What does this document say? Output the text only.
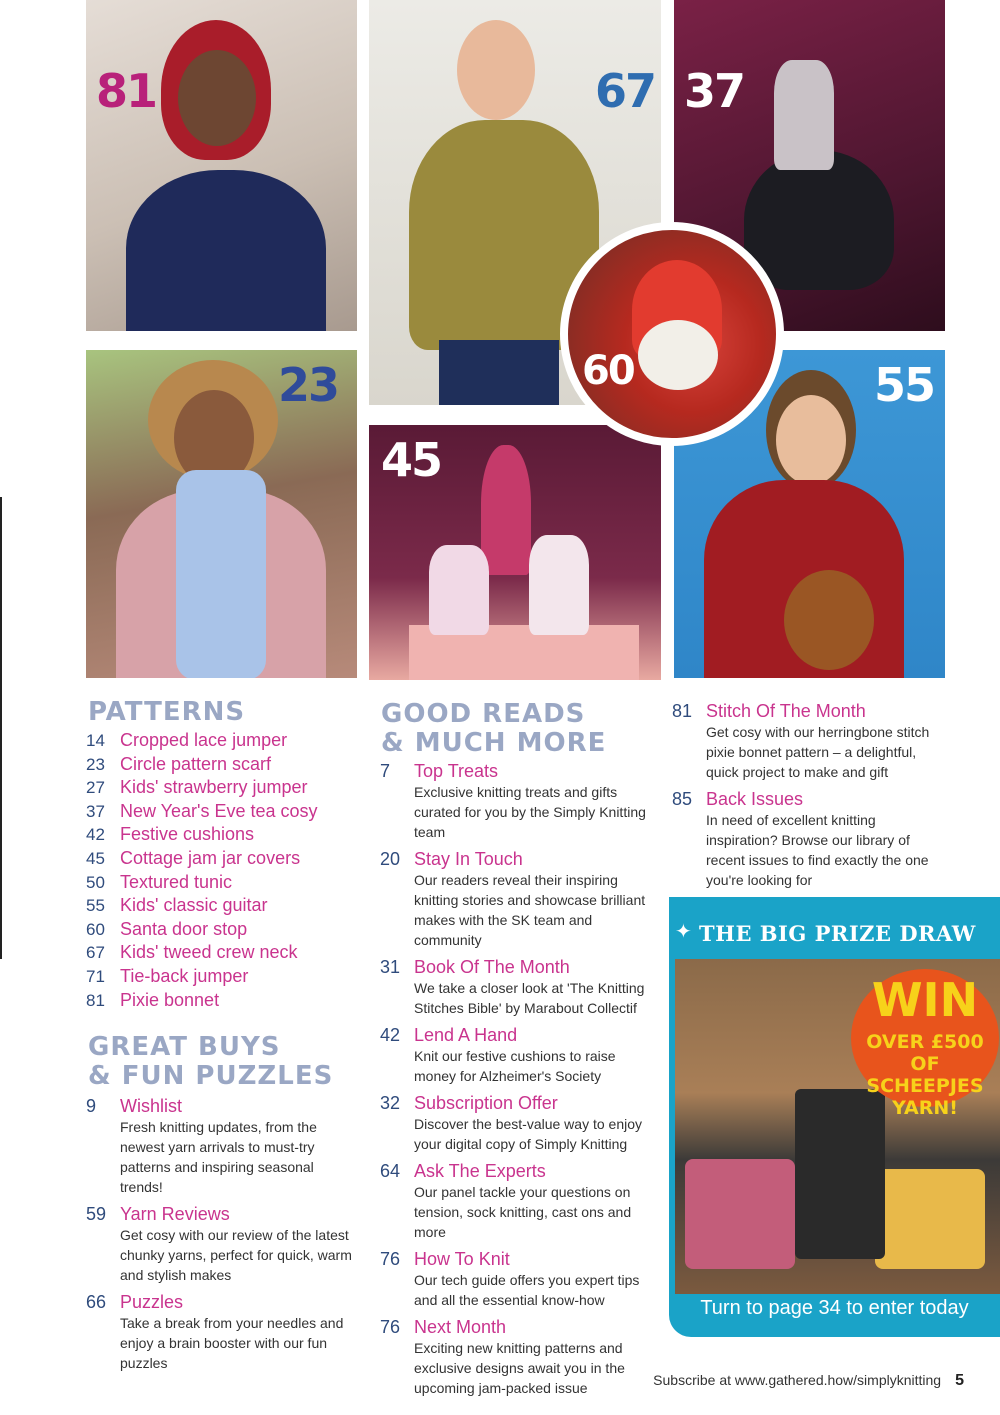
81	67 37
23
45
55
60
PATTERNS
14 Cropped lace jumper
23 Circle pattern scarf
27 Kids' strawberry jumper
37 New Year's Eve tea cosy
42 Festive cushions
45 Cottage jam jar covers
50 Textured tunic
55 Kids' classic guitar
60 Santa door stop
67 Kids' tweed crew neck
71 Tie-back jumper
81 Pixie bonnet
GREAT BUYS
& FUN PUZZLES
9	Wishlist
Fresh knitting updates, from the newest yarn arrivals to must-try patterns and inspiring seasonal trends!
59 Yarn Reviews
Get cosy with our review of the latest chunky yarns, perfect for quick, warm and stylish makes
66 Puzzles
Take a break from your needles and enjoy a brain booster with our fun puzzles
GOOD READS
& MUCH MORE
7	Top Treats
Exclusive knitting treats and gifts curated for you by the Simply Knitting team
20 Stay In Touch
Our readers reveal their inspiring knitting stories and showcase brilliant makes with the SK team and community
31 Book Of The Month
We take a closer look at 'The Knitting Stitches Bible' by Marabout Collectif
42 Lend A Hand
Knit our festive cushions to raise money for Alzheimer's Society
32 Subscription Offer
Discover the best-value way to enjoy your digital copy of Simply Knitting
64 Ask The Experts
Our panel tackle your questions on tension, sock knitting, cast ons and more
76 How To Knit
Our tech guide offers you expert tips and all the essential know-how
76 Next Month
Exciting new knitting patterns and exclusive designs await you in the upcoming jam-packed issue
81 Stitch Of The Month
Get cosy with our herringbone stitch pixie bonnet pattern – a delightful, quick project to make and gift
85 Back Issues
In need of excellent knitting inspiration? Browse our library of recent issues to find exactly the one you're looking for
✦ THE BIG PRIZE DRAW
WIN
OVER £500 OF SCHEEPJES YARN!
Turn to page 34 to enter today
Subscribe at www.gathered.how/simplyknitting 5
